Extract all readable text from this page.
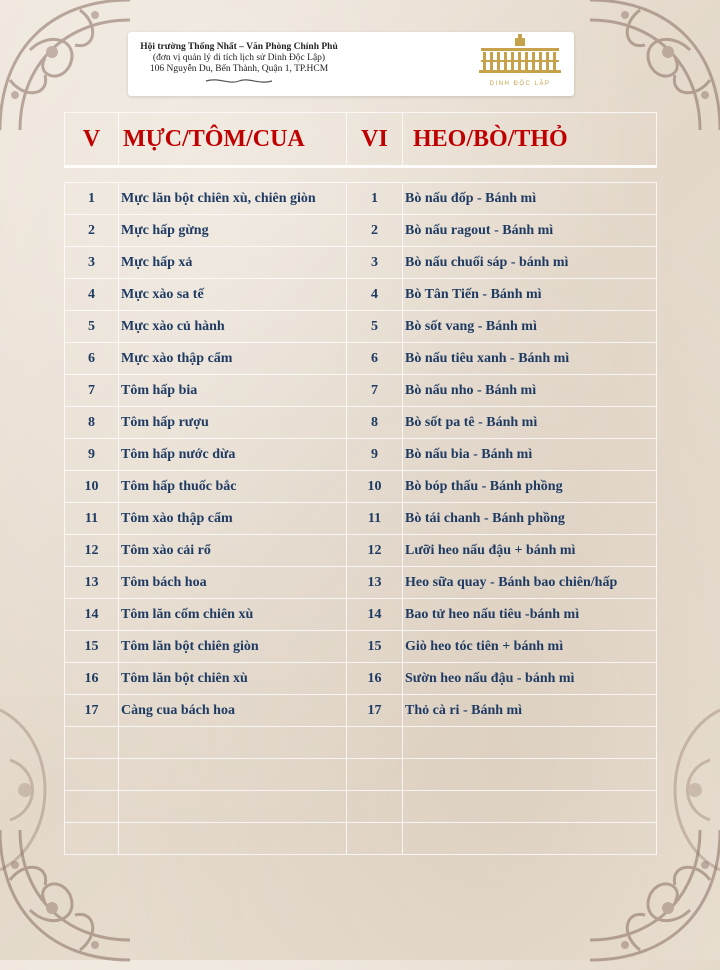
Hội trường Thống Nhất – Văn Phòng Chính Phủ
(đơn vị quản lý di tích lịch sử Dinh Độc Lập)
106 Nguyễn Du, Bến Thành, Quận 1, TP.HCM
DINH ĐỘC LẬP
V	MỰC/TÔM/CUA	VI	HEO/BÒ/THỎ

1	Mực lăn bột chiên xù, chiên giòn	1	Bò nấu đốp - Bánh mì
2	Mực hấp gừng	2	Bò nấu ragout - Bánh mì
3	Mực hấp xả	3	Bò nấu chuối sáp - bánh mì
4	Mực xào sa tế	4	Bò Tân Tiến - Bánh mì
5	Mực xào củ hành	5	Bò sốt vang - Bánh mì
6	Mực xào thập cẩm	6	Bò nấu tiêu xanh - Bánh mì
7	Tôm hấp bia	7	Bò nấu nho - Bánh mì
8	Tôm hấp rượu	8	Bò sốt pa tê - Bánh mì
9	Tôm hấp nước dừa	9	Bò nấu bia - Bánh mì
10	Tôm hấp thuốc bắc	10	Bò bóp thấu - Bánh phồng
11	Tôm xào thập cẩm	11	Bò tái chanh - Bánh phồng
12	Tôm xào cải rổ	12	Lưỡi heo nấu đậu + bánh mì
13	Tôm bách hoa	13	Heo sữa quay - Bánh bao chiên/hấp
14	Tôm lăn cốm chiên xù	14	Bao tử heo nấu tiêu -bánh mì
15	Tôm lăn bột chiên giòn	15	Giò heo tóc tiên + bánh mì
16	Tôm lăn bột chiên xù	16	Sườn heo nấu đậu - bánh mì
17	Càng cua bách hoa	17	Thỏ cà ri - Bánh mì
